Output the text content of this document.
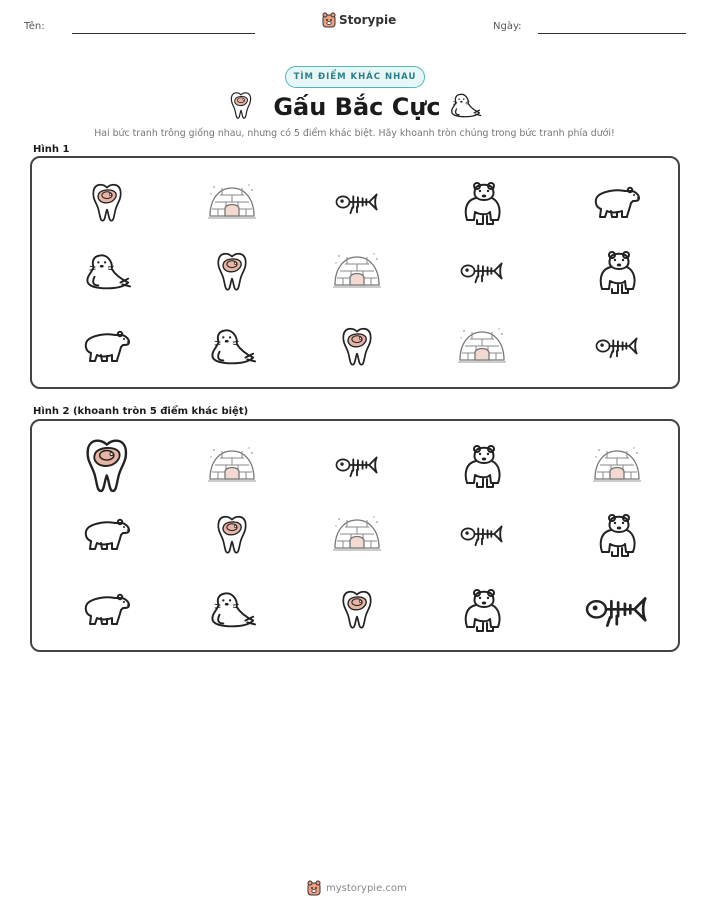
Tên:	Storypie	Ngày:
TÌM ĐIỂM KHÁC NHAU
Gấu Bắc Cực
Hai bức tranh trông giống nhau, nhưng có 5 điểm khác biệt. Hãy khoanh tròn chúng trong bức tranh phía dưới!
Hình 1
Hình 2 (khoanh tròn 5 điểm khác biệt)
mystorypie.com
